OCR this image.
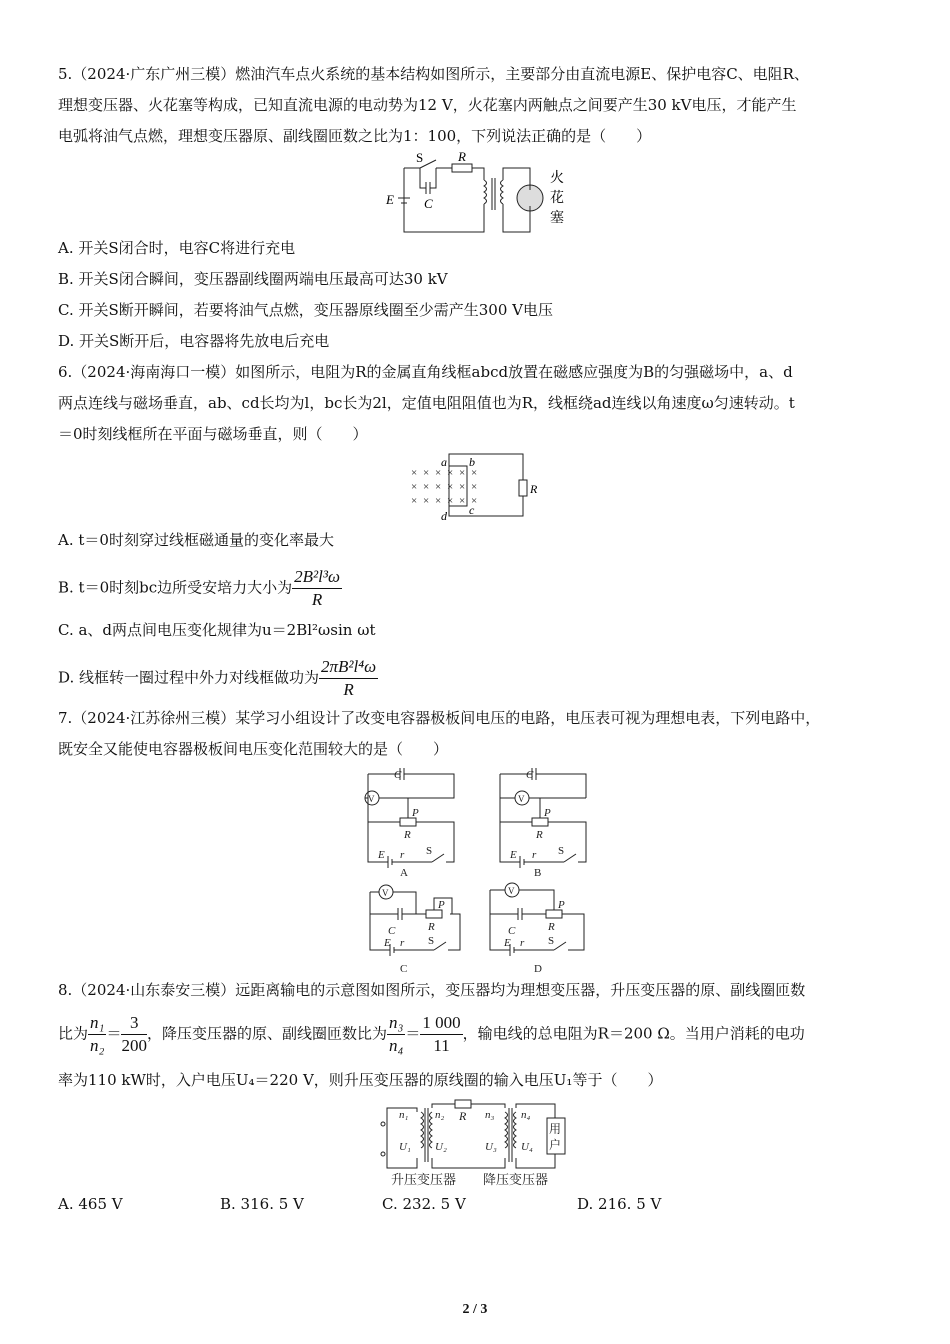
5.（2024·广东广州三模）燃油汽车点火系统的基本结构如图所示，主要部分由直流电源E、保护电容C、电阻R、
理想变压器、火花塞等构成，已知直流电源的电动势为12 V，火花塞内两触点之间要产生30 kV电压，才能产生
电弧将油气点燃，理想变压器原、副线圈匝数之比为1：100，下列说法正确的是（　　）
S	R
E C
火
花
塞
A. 开关S闭合时，电容C将进行充电
B. 开关S闭合瞬间，变压器副线圈两端电压最高可达30 kV
C. 开关S断开瞬间，若要将油气点燃，变压器原线圈至少需产生300 V电压
D. 开关S断开后，电容器将先放电后充电
6.（2024·海南海口一模）如图所示，电阻为R的金属直角线框abcd放置在磁感应强度为B的匀强磁场中，a、d
两点连线与磁场垂直，ab、cd长均为l，bc长为2l，定值电阻阻值也为R，线框绕ad连线以角速度ω匀速转动。t
＝0时刻线框所在平面与磁场垂直，则（　　）
× × × × × ×
× × × × × ×
× × × × × ×
a b
c
d
R
A. t＝0时刻穿过线框磁通量的变化率最大
B. t＝0时刻bc边所受安培力大小为 $\frac{\text{2B²l³ω}}{R}$
C. a、d两点间电压变化规律为u＝2Bl²ωsin ωt
D. 线框转一圈过程中外力对线框做功为 $\frac{\text{2πB²l⁴ω}}{R}$
7.（2024·江苏徐州三模）某学习小组设计了改变电容器极板间电压的电路，电压表可视为理想电表，下列电路中，
既安全又能使电容器极板间电压变化范围较大的是（　　）
C
P
R
E r
C
P
R
E r
P
R
C
E r
P
R
C
E r
V	V
V	V
S	S
S	S
A	B
C	D
8.（2024·山东泰安三模）远距离输电的示意图如图所示，变压器均为理想变压器，升压变压器的原、副线圈匝数
比为 $\frac{\text{n₁}}{\text{n₂}} = \frac{3}{200}$ ，降压变压器的原、副线圈匝数比为 $\frac{\text{n₃}}{\text{n₄}} = \frac{1 000}{11}$ ，输电线的总电阻为R＝200 Ω。当用户消耗的电功
率为110 kW时，入户电压U₄＝220 V，则升压变压器的原线圈的输入电压U₁等于（　　）
n₁
U₁
n₂
U₂
n₃
U₃
n₄
U₄
R
用
户
升压变压器 降压变压器
A. 465 V	B. 316. 5 V	C. 232. 5 V	D. 216. 5 V
2 / 3
